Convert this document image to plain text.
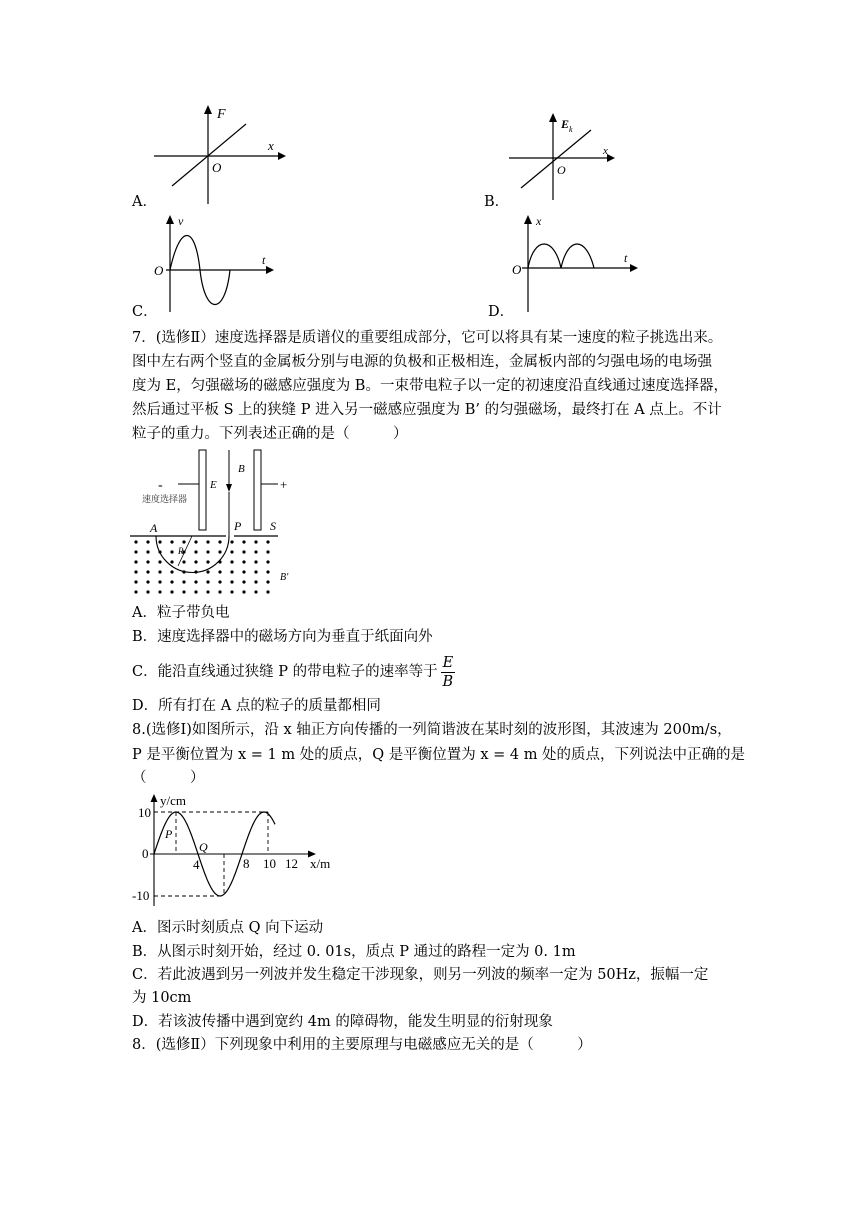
F
x
O
A．
E k
x
O
B．
v
t
O
C．
x
t
O
D．
7．(选修Ⅱ）速度选择器是质谱仪的重要组成部分，它可以将具有某一速度的粒子挑选出来。
图中左右两个竖直的金属板分别与电源的负极和正极相连，金属板内部的匀强电场的电场强
度为 E，匀强磁场的磁感应强度为 B。一束带电粒子以一定的初速度沿直线通过速度选择器，
然后通过平板 S 上的狭缝 P 进入另一磁感应强度为 B’ 的匀强磁场，最终打在 A 点上。不计
粒子的重力。下列表述正确的是（　　　）
-	+
E
B
速度选择器
A	P S
R
B'
A．粒子带负电
B．速度选择器中的磁场方向为垂直于纸面向外
C．能沿直线通过狭缝 P 的带电粒子的速率等于 $\frac{E}{B}$
D．所有打在 A 点的粒子的质量都相同
8.(选修Ⅰ)如图所示，沿 x 轴正方向传播的一列简谐波在某时刻的波形图，其波速为 200m/s，
P 是平衡位置为 x = 1 m 处的质点，Q 是平衡位置为 x = 4 m 处的质点，下列说法中正确的是
（　　　）
y/cm
x/m
0
10
-10
4	8 10 12
P
Q
A．图示时刻质点 Q 向下运动
B．从图示时刻开始，经过 0. 01s，质点 P 通过的路程一定为 0. 1m
C．若此波遇到另一列波并发生稳定干涉现象，则另一列波的频率一定为 50Hz，振幅一定
为 10cm
D．若该波传播中遇到宽约 4m 的障碍物，能发生明显的衍射现象
8．(选修Ⅱ）下列现象中利用的主要原理与电磁感应无关的是（　　　）
